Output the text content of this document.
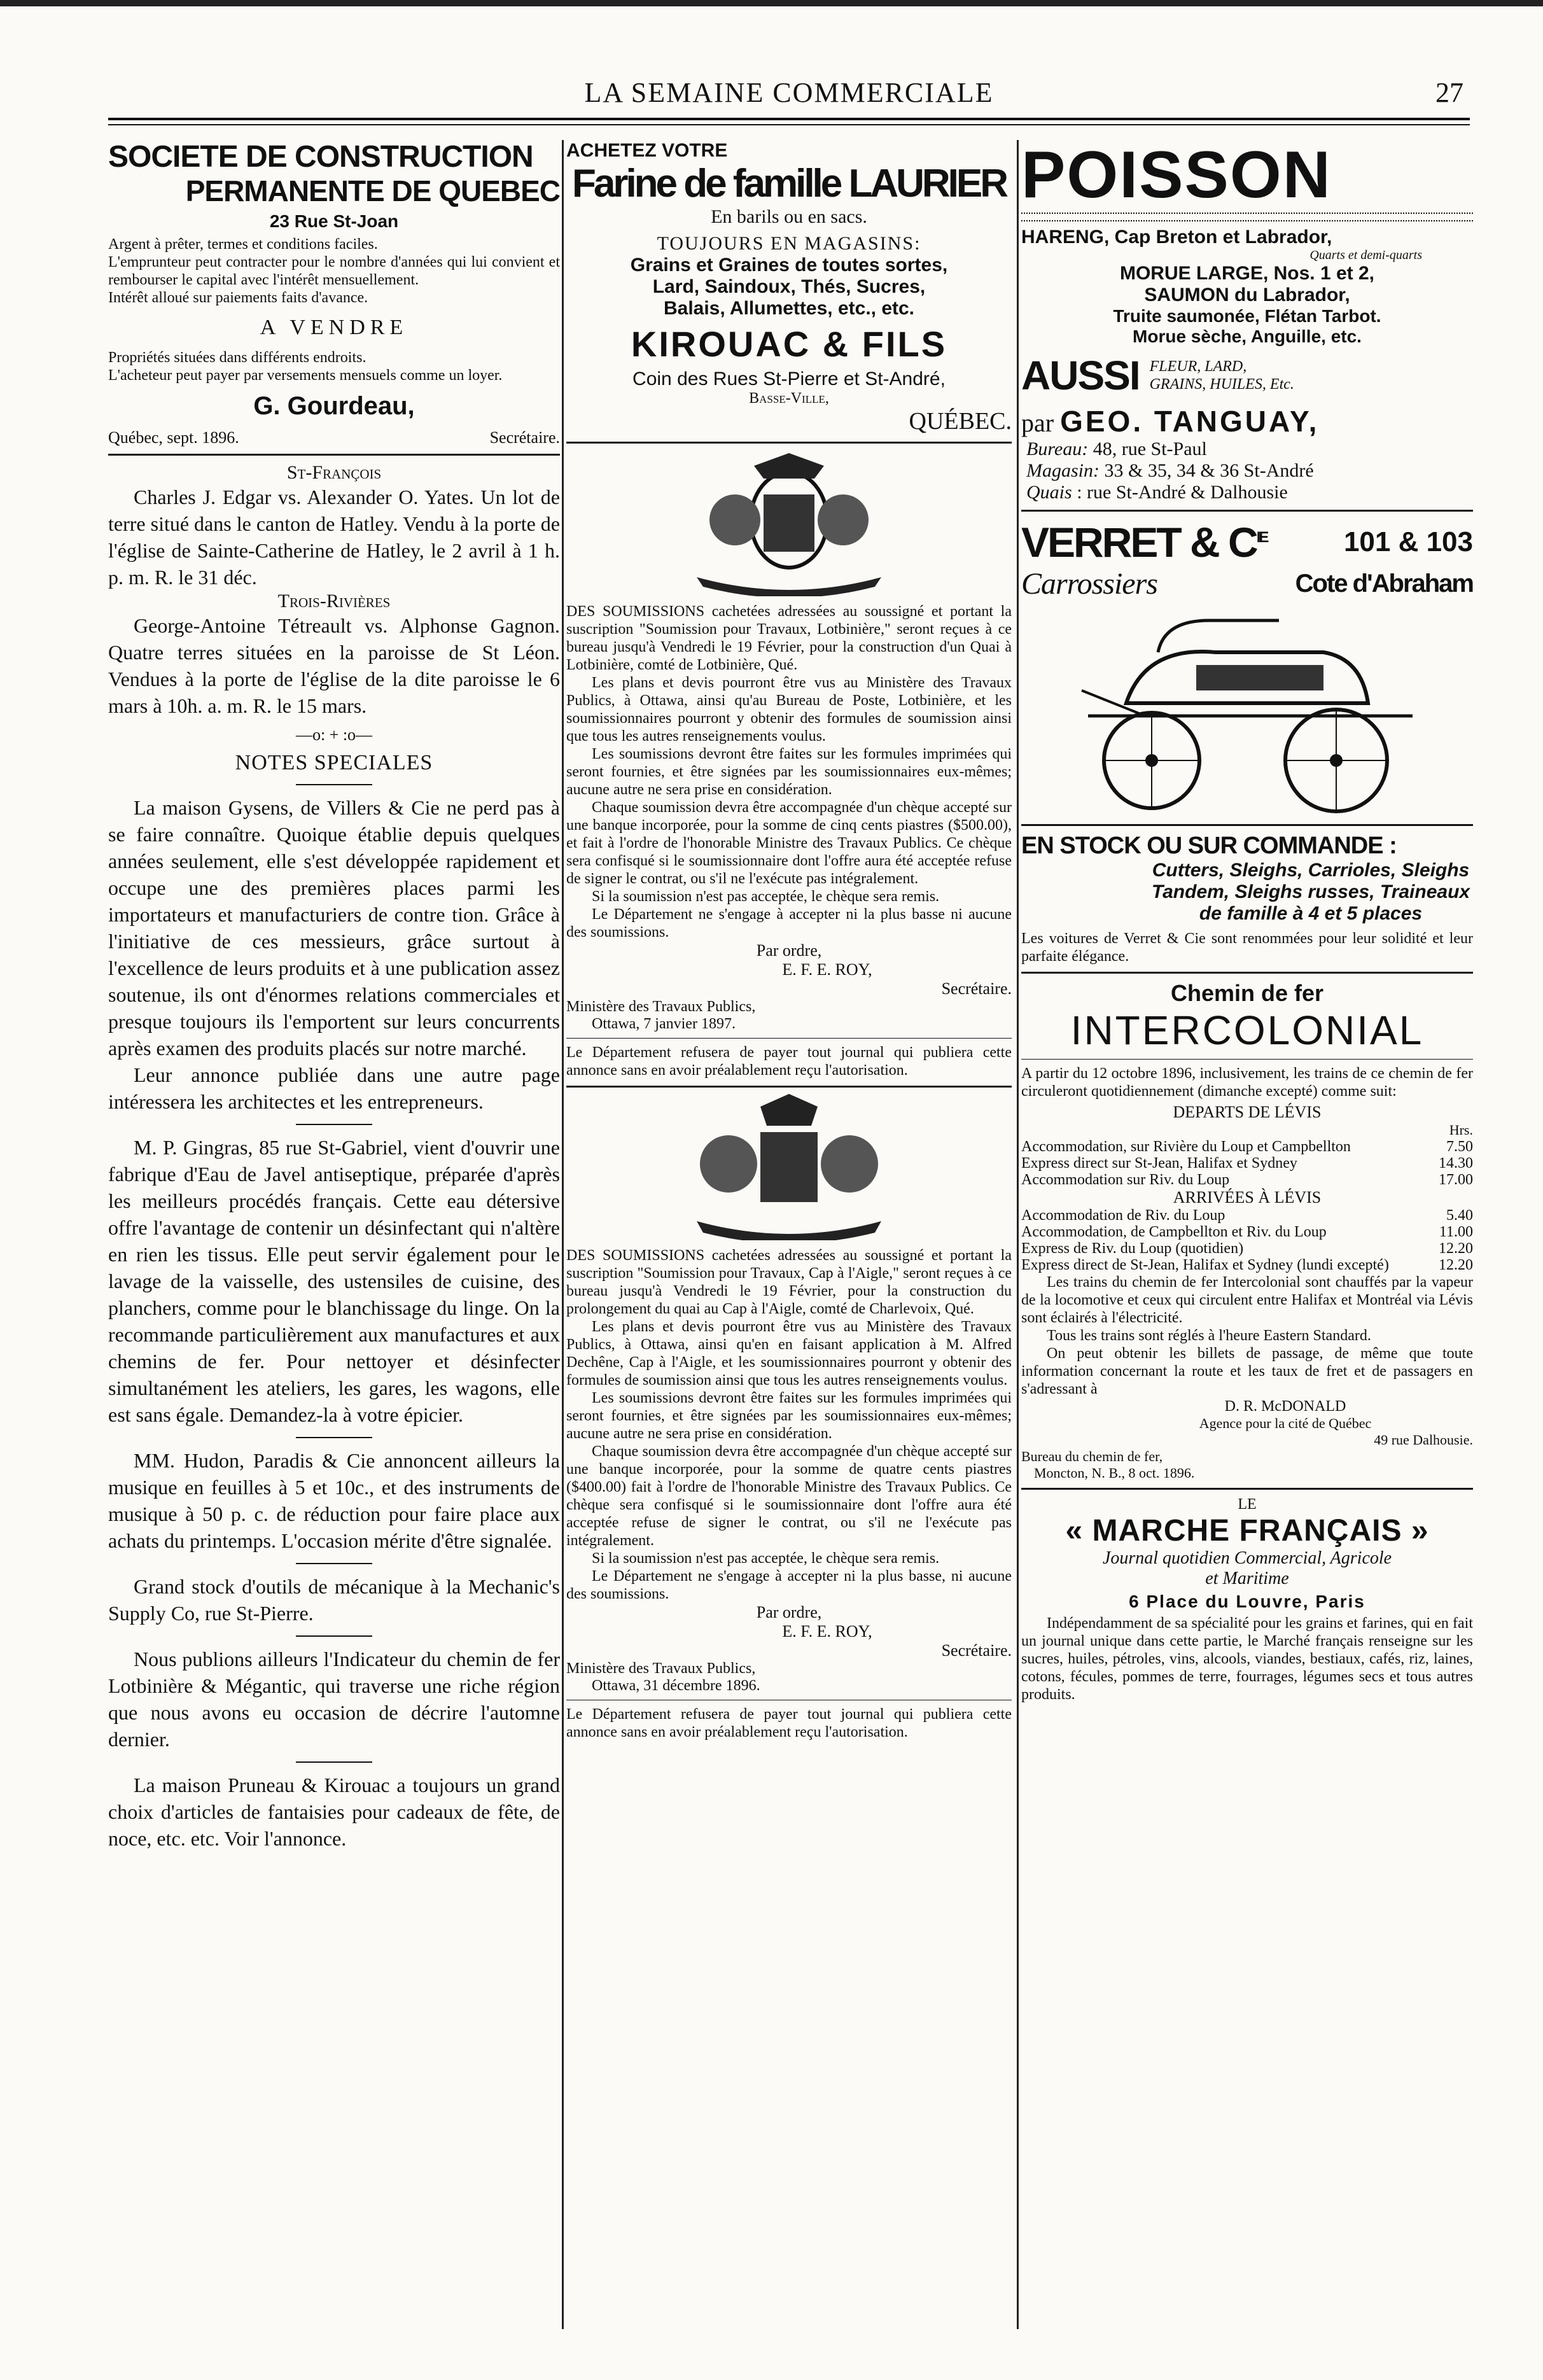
LA SEMAINE COMMERCIALE	27
SOCIETE DE CONSTRUCTION
PERMANENTE DE QUEBEC
23 Rue St-Joan

Argent à prêter, termes et conditions faciles.

L'emprunteur peut contracter pour le nombre d'années qui lui convient et rembourser le capital avec l'intérêt mensuellement.

Intérêt alloué sur paiements faits d'avance.

A VENDRE

Propriétés situées dans différents endroits.

L'acheteur peut payer par versements mensuels comme un loyer.

G. Gourdeau,
Québec, sept. 1896.	Secrétaire.
St-François

Charles J. Edgar vs. Alexander O. Yates. Un lot de terre situé dans le canton de Hatley. Vendu à la porte de l'église de Sainte-Catherine de Hatley, le 2 avril à 1 h. p. m. R. le 31 déc.

Trois-Rivières

George-Antoine Tétreault vs. Alphonse Gagnon. Quatre terres situées en la paroisse de St Léon. Vendues à la porte de l'église de la dite paroisse le 6 mars à 10h. a. m. R. le 15 mars.

—o: + :o—
NOTES SPECIALES

La maison Gysens, de Villers & Cie ne perd pas à se faire connaître. Quoique établie depuis quelques années seulement, elle s'est développée rapidement et occupe une des premières places parmi les importateurs et manufacturiers de contre tion. Grâce à l'initiative de ces messieurs, grâce surtout à l'excellence de leurs produits et à une publication assez soutenue, ils ont d'énormes relations commerciales et presque toujours ils l'emportent sur leurs concurrents après examen des produits placés sur notre marché.

Leur annonce publiée dans une autre page intéressera les architectes et les entrepreneurs.

M. P. Gingras, 85 rue St-Gabriel, vient d'ouvrir une fabrique d'Eau de Javel antiseptique, préparée d'après les meilleurs procédés français. Cette eau détersive offre l'avantage de contenir un désinfectant qui n'altère en rien les tissus. Elle peut servir également pour le lavage de la vaisselle, des ustensiles de cuisine, des planchers, comme pour le blanchissage du linge. On la recommande particulièrement aux manufactures et aux chemins de fer. Pour nettoyer et désinfecter simultanément les ateliers, les gares, les wagons, elle est sans égale. Demandez-la à votre épicier.

MM. Hudon, Paradis & Cie annoncent ailleurs la musique en feuilles à 5 et 10c., et des instruments de musique à 50 p. c. de réduction pour faire place aux achats du printemps. L'occasion mérite d'être signalée.

Grand stock d'outils de mécanique à la Mechanic's Supply Co, rue St-Pierre.

Nous publions ailleurs l'Indicateur du chemin de fer Lotbinière & Mégantic, qui traverse une riche région que nous avons eu occasion de décrire l'automne dernier.

La maison Pruneau & Kirouac a toujours un grand choix d'articles de fantaisies pour cadeaux de fête, de noce, etc. etc. Voir l'annonce.

ACHETEZ VOTRE
Farine de famille LAURIER
En barils ou en sacs.
TOUJOURS EN MAGASINS:
Grains et Graines de toutes sortes,
Lard, Saindoux, Thés, Sucres,
Balais, Allumettes, etc., etc.
KIROUAC & FILS
Coin des Rues St-Pierre et St-André,
Basse-Ville,
QUÉBEC.

DES SOUMISSIONS cachetées adressées au soussigné et portant la suscription "Soumission pour Travaux, Lotbinière," seront reçues à ce bureau jusqu'à Vendredi le 19 Février, pour la construction d'un Quai à Lotbinière, comté de Lotbinière, Qué.

Les plans et devis pourront être vus au Ministère des Travaux Publics, à Ottawa, ainsi qu'au Bureau de Poste, Lotbinière, et les soumissionnaires pourront y obtenir des formules de soumission ainsi que tous les autres renseignements voulus.

Les soumissions devront être faites sur les formules imprimées qui seront fournies, et être signées par les soumissionnaires eux-mêmes; aucune autre ne sera prise en considération.

Chaque soumission devra être accompagnée d'un chèque accepté sur une banque incorporée, pour la somme de cinq cents piastres ($500.00), et fait à l'ordre de l'honorable Ministre des Travaux Publics. Ce chèque sera confisqué si le soumissionnaire dont l'offre aura été acceptée refuse de signer le contrat, ou s'il ne l'exécute pas intégralement.

Si la soumission n'est pas acceptée, le chèque sera remis.

Le Département ne s'engage à accepter ni la plus basse ni aucune des soumissions.

Par ordre,
E. F. E. ROY,
Secrétaire.
Ministère des Travaux Publics,
Ottawa, 7 janvier 1897.

Le Département refusera de payer tout journal qui publiera cette annonce sans en avoir préalablement reçu l'autorisation.

DES SOUMISSIONS cachetées adressées au soussigné et portant la suscription "Soumission pour Travaux, Cap à l'Aigle," seront reçues à ce bureau jusqu'à Vendredi le 19 Février, pour la construction du prolongement du quai au Cap à l'Aigle, comté de Charlevoix, Qué.

Les plans et devis pourront être vus au Ministère des Travaux Publics, à Ottawa, ainsi qu'en en faisant application à M. Alfred Dechêne, Cap à l'Aigle, et les soumissionnaires pourront y obtenir des formules de soumission ainsi que tous les autres renseignements voulus.

Les soumissions devront être faites sur les formules imprimées qui seront fournies, et être signées par les soumissionnaires eux-mêmes; aucune autre ne sera prise en considération.

Chaque soumission devra être accompagnée d'un chèque accepté sur une banque incorporée, pour la somme de quatre cents piastres ($400.00) fait à l'ordre de l'honorable Ministre des Travaux Publics. Ce chèque sera confisqué si le soumissionnaire dont l'offre aura été acceptée refuse de signer le contrat, ou s'il ne l'exécute pas intégralement.

Si la soumission n'est pas acceptée, le chèque sera remis.

Le Département ne s'engage à accepter ni la plus basse, ni aucune des soumissions.

Par ordre,
E. F. E. ROY,
Secrétaire.
Ministère des Travaux Publics,
Ottawa, 31 décembre 1896.

Le Département refusera de payer tout journal qui publiera cette annonce sans en avoir préalablement reçu l'autorisation.

POISSON
HARENG, Cap Breton et Labrador,
Quarts et demi-quarts
MORUE LARGE, Nos. 1 et 2,
SAUMON du Labrador,
Truite saumonée, Flétan Tarbot.
Morue sèche, Anguille, etc.
AUSSI FLEUR, LARD,
GRAINS, HUILES, Etc.
par GEO. TANGUAY,
Bureau: 48, rue St-Paul
Magasin: 33 & 35, 34 & 36 St-André
Quais : rue St-André & Dalhousie
VERRET & $C^{IE}$	101 & 103
Carrossiers	Cote d'Abraham
EN STOCK OU SUR COMMANDE :
Cutters, Sleighs, Carrioles, Sleighs Tandem, Sleighs russes, Traineaux de famille à 4 et 5 places

Les voitures de Verret & Cie sont renommées pour leur solidité et leur parfaite élégance.

Chemin de fer
INTERCOLONIAL

A partir du 12 octobre 1896, inclusivement, les trains de ce chemin de fer circuleront quotidiennement (dimanche excepté) comme suit:

DEPARTS DE LÉVIS
Hrs.
Accommodation, sur Rivière du Loup et Campbellton	7.50
Express direct sur St-Jean, Halifax et Sydney	14.30
Accommodation sur Riv. du Loup	17.00
ARRIVÉES À LÉVIS
Accommodation de Riv. du Loup	5.40
Accommodation, de Campbellton et Riv. du Loup	11.00
Express de Riv. du Loup (quotidien)	12.20
Express direct de St-Jean, Halifax et Sydney (lundi excepté)	12.20

Les trains du chemin de fer Intercolonial sont chauffés par la vapeur de la locomotive et ceux qui circulent entre Halifax et Montréal via Lévis sont éclairés à l'électricité.

Tous les trains sont réglés à l'heure Eastern Standard.

On peut obtenir les billets de passage, de même que toute information concernant la route et les taux de fret et de passagers en s'adressant à

D. R. McDONALD
Agence pour la cité de Québec
49 rue Dalhousie.
Bureau du chemin de fer,
Moncton, N. B., 8 oct. 1896.
LE
« MARCHE FRANÇAIS »
Journal quotidien Commercial, Agricole
et Maritime
6 Place du Louvre, Paris

Indépendamment de sa spécialité pour les grains et farines, qui en fait un journal unique dans cette partie, le Marché français renseigne sur les sucres, huiles, pétroles, vins, alcools, viandes, bestiaux, cafés, riz, laines, cotons, fécules, pommes de terre, fourrages, légumes secs et tous autres produits.
